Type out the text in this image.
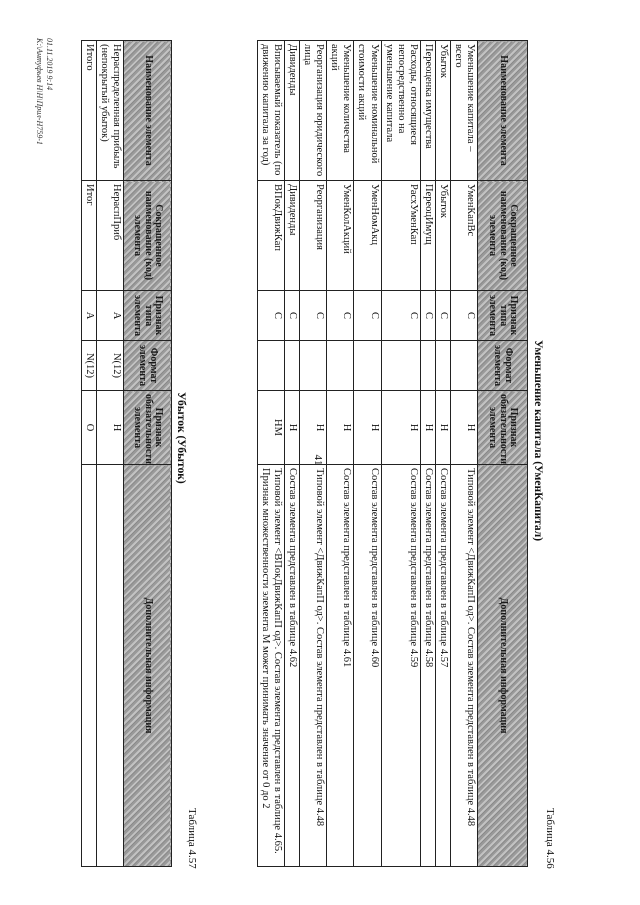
41
Таблица 4.56
Уменьшение капитала (УменКапитал)
Наименование элемента	Сокращенное наименование (код) элемента	Признак типа элемента	Формат элемента	Признак обязательности элемента	Дополнительная информация
Уменьшение капитала – всего	УменКапВс	С		Н	Типовой элемент <ДвижКапП од>. Состав элемента представлен в таблице 4.48
Убыток	Убыток	С		Н	Состав элемента представлен в таблице 4.57
Переоценка имущества	ПереоцИмущ	С		Н	Состав элемента представлен в таблице 4.58
Расходы, относящиеся непосредственно на уменьшение капитала	РасхУменКап	С		Н	Состав элемента представлен в таблице 4.59
Уменьшение номинальной стоимости акций	УменНомАкц	С		Н	Состав элемента представлен в таблице 4.60
Уменьшение количества акций	УменКолАкций	С		Н	Состав элемента представлен в таблице 4.61
Реорганизация юридического лица	Реорганизация	С		Н	Типовой элемент <ДвижКапП од>. Состав элемента представлен в таблице 4.48
Дивиденды	Дивиденды	С		Н	Состав элемента представлен в таблице 4.62
Вписываемый показатель (по движению капитала за год)	ВПокДвижКап	С		НМ	Типовой элемент <ВПокДвижКапП од>. Состав элемента представлен в таблице 4.65. Признак множественности элемента М может принимать значение от 0 до 2
Таблица 4.57
Убыток (Убыток)
Наименование элемента	Сокращенное наименование (код) элемента	Признак типа элемента	Формат элемента	Признак обязательности элемента	Дополнительная информация
Нераспределенная прибыль (непокрытый убыток)	НераспПриб	А	N(12)	Н	
Итого	Итог	А	N(12)	О	
01.11.2019 9:14
К:\Антуфьев Н\Н\Прил-Н759-1
